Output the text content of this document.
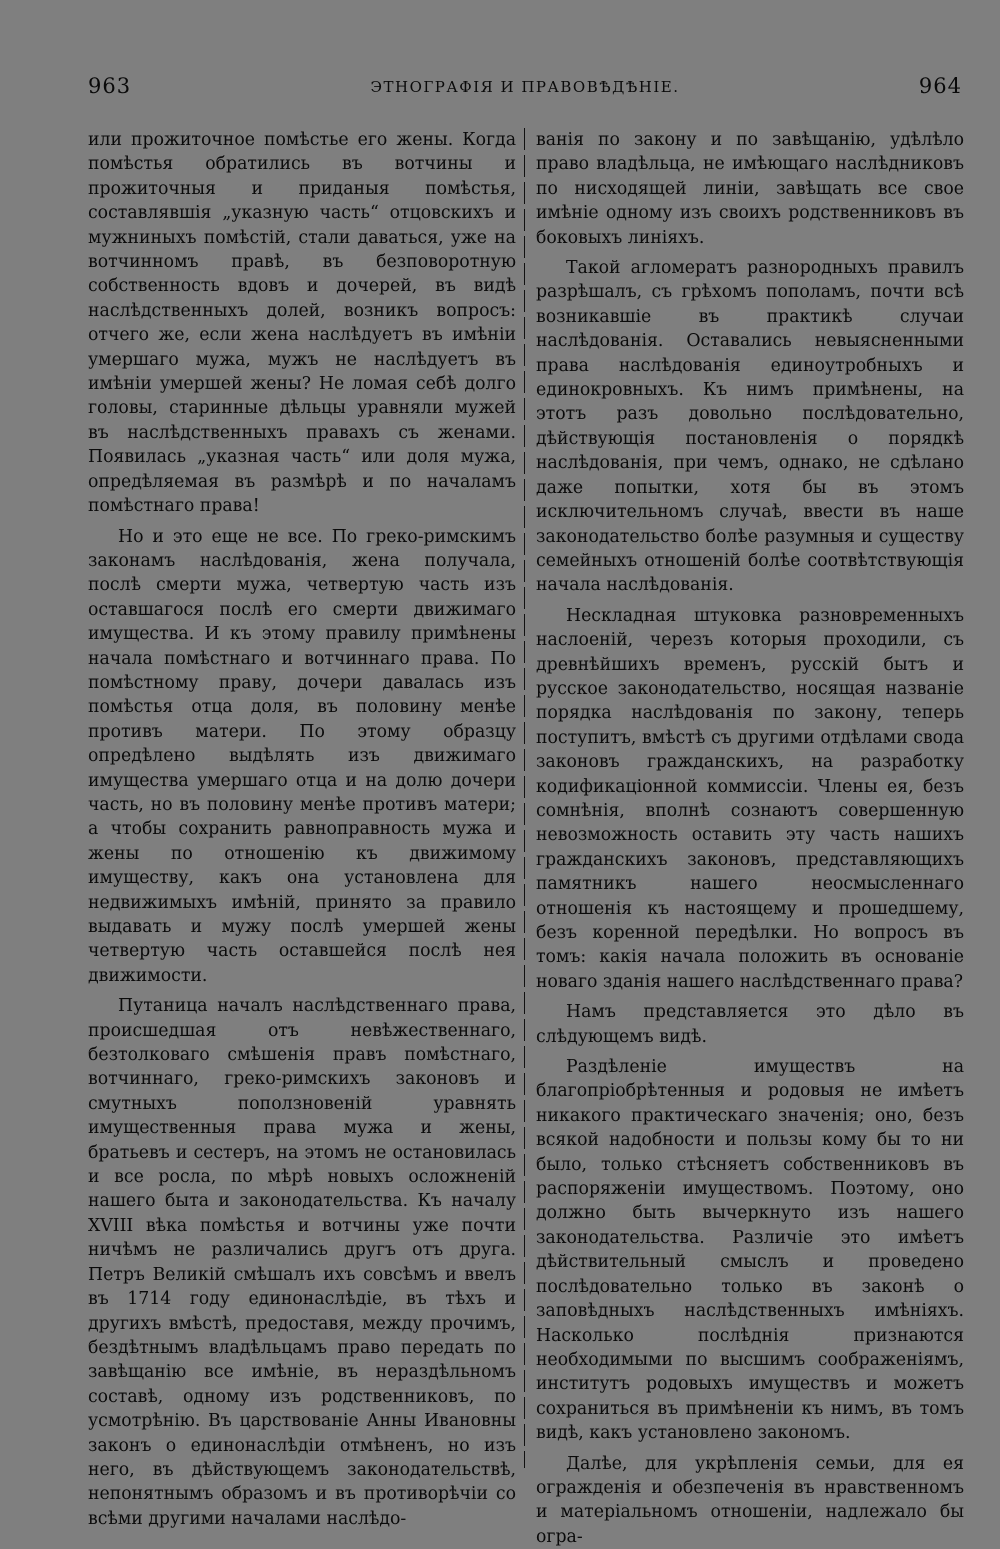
963	ЭТНОГРАФІЯ И ПРАВОВѢДѢНІЕ.	964

или прожиточное помѣстье его жены. Когда помѣстья обратились въ вотчины и прожиточныя и приданыя помѣстья, составлявшія „указную часть“ отцовскихъ и мужниныхъ помѣстій, стали даваться, уже на вотчинномъ правѣ, въ безповоротную собственность вдовъ и дочерей, въ видѣ наслѣдственныхъ долей, возникъ вопросъ: отчего же, если жена наслѣдуетъ въ имѣніи умершаго мужа, мужъ не наслѣдуетъ въ имѣніи умершей жены? Не ломая себѣ долго головы, старинные дѣльцы уравняли мужей въ наслѣдственныхъ правахъ съ женами. Появилась „указная часть“ или доля мужа, опредѣляемая въ размѣрѣ и по началамъ помѣстнаго права!

Но и это еще не все. По греко-римскимъ законамъ наслѣдованія, жена получала, послѣ смерти мужа, четвертую часть изъ оставшагося послѣ его смерти движимаго имущества. И къ этому правилу примѣнены начала помѣстнаго и вотчиннаго права. По помѣстному праву, дочери давалась изъ помѣстья отца доля, въ половину менѣе противъ матери. По этому образцу опредѣлено выдѣлять изъ движимаго имущества умершаго отца и на долю дочери часть, но въ половину менѣе противъ матери; а чтобы сохранить равноправность мужа и жены по отношенію къ движимому имуществу, какъ она установлена для недвижимыхъ имѣній, принято за правило выдавать и мужу послѣ умершей жены четвертую часть оставшейся послѣ нея движимости.

Путаница началъ наслѣдственнаго права, происшедшая отъ невѣжественнаго, безтолковаго смѣшенія правъ помѣстнаго, вотчиннаго, греко-римскихъ законовъ и смутныхъ поползновеній уравнять имущественныя права мужа и жены, братьевъ и сестеръ, на этомъ не остановилась и все росла, по мѣрѣ новыхъ осложненій нашего быта и законодательства. Къ началу XVIII вѣка помѣстья и вотчины уже почти ничѣмъ не различались другъ отъ друга. Петръ Великій смѣшалъ ихъ совсѣмъ и ввелъ въ 1714 году единонаслѣдіе, въ тѣхъ и другихъ вмѣстѣ, предоставя, между прочимъ, бездѣтнымъ владѣльцамъ право передать по завѣщанію все имѣніе, въ нераздѣльномъ составѣ, одному изъ родственниковъ, по усмотрѣнію. Въ царствованіе Анны Ивановны законъ о единонаслѣдіи отмѣненъ, но изъ него, въ дѣйствующемъ законодательствѣ, непонятнымъ образомъ и въ противорѣчіи со всѣми другими началами наслѣдо-

ванія по закону и по завѣщанію, удѣлѣло право владѣльца, не имѣющаго наслѣдниковъ по нисходящей линіи, завѣщать все свое имѣніе одному изъ своихъ родственниковъ въ боковыхъ линіяхъ.

Такой агломератъ разнородныхъ правилъ разрѣшалъ, съ грѣхомъ пополамъ, почти всѣ возникавшіе въ практикѣ случаи наслѣдованія. Оставались невыясненными права наслѣдованія единоутробныхъ и единокровныхъ. Къ нимъ примѣнены, на этотъ разъ довольно послѣдовательно, дѣйствующія постановленія о порядкѣ наслѣдованія, при чемъ, однако, не сдѣлано даже попытки, хотя бы въ этомъ исключительномъ случаѣ, ввести въ наше законодательство болѣе разумныя и существу семейныхъ отношеній болѣе соотвѣтствующія начала наслѣдованія.

Нескладная штуковка разновременныхъ наслоеній, черезъ которыя проходили, съ древнѣйшихъ временъ, русскій бытъ и русское законодательство, носящая названіе порядка наслѣдованія по закону, теперь поступитъ, вмѣстѣ съ другими отдѣлами свода законовъ гражданскихъ, на разработку кодификаціонной коммиссіи. Члены ея, безъ сомнѣнія, вполнѣ сознаютъ совершенную невозможность оставить эту часть нашихъ гражданскихъ законовъ, представляющихъ памятникъ нашего неосмысленнаго отношенія къ настоящему и прошедшему, безъ коренной передѣлки. Но вопросъ въ томъ: какія начала положить въ основаніе новаго зданія нашего наслѣдственнаго права?

Намъ представляется это дѣло въ слѣдующемъ видѣ.

Раздѣленіе имуществъ на благопріобрѣтенныя и родовыя не имѣетъ никакого практическаго значенія; оно, безъ всякой надобности и пользы кому бы то ни было, только стѣсняетъ собственниковъ въ распоряженіи имуществомъ. Поэтому, оно должно быть вычеркнуто изъ нашего законодательства. Различіе это имѣетъ дѣйствительный смыслъ и проведено послѣдовательно только въ законѣ о заповѣдныхъ наслѣдственныхъ имѣніяхъ. Насколько послѣднія признаются необходимыми по высшимъ соображеніямъ, институтъ родовыхъ имуществъ и можетъ сохраниться въ примѣненіи къ нимъ, въ томъ видѣ, какъ установлено закономъ.

Далѣе, для укрѣпленія семьи, для ея огражденія и обезпеченія въ нравственномъ и матеріальномъ отношеніи, надлежало бы огра-
